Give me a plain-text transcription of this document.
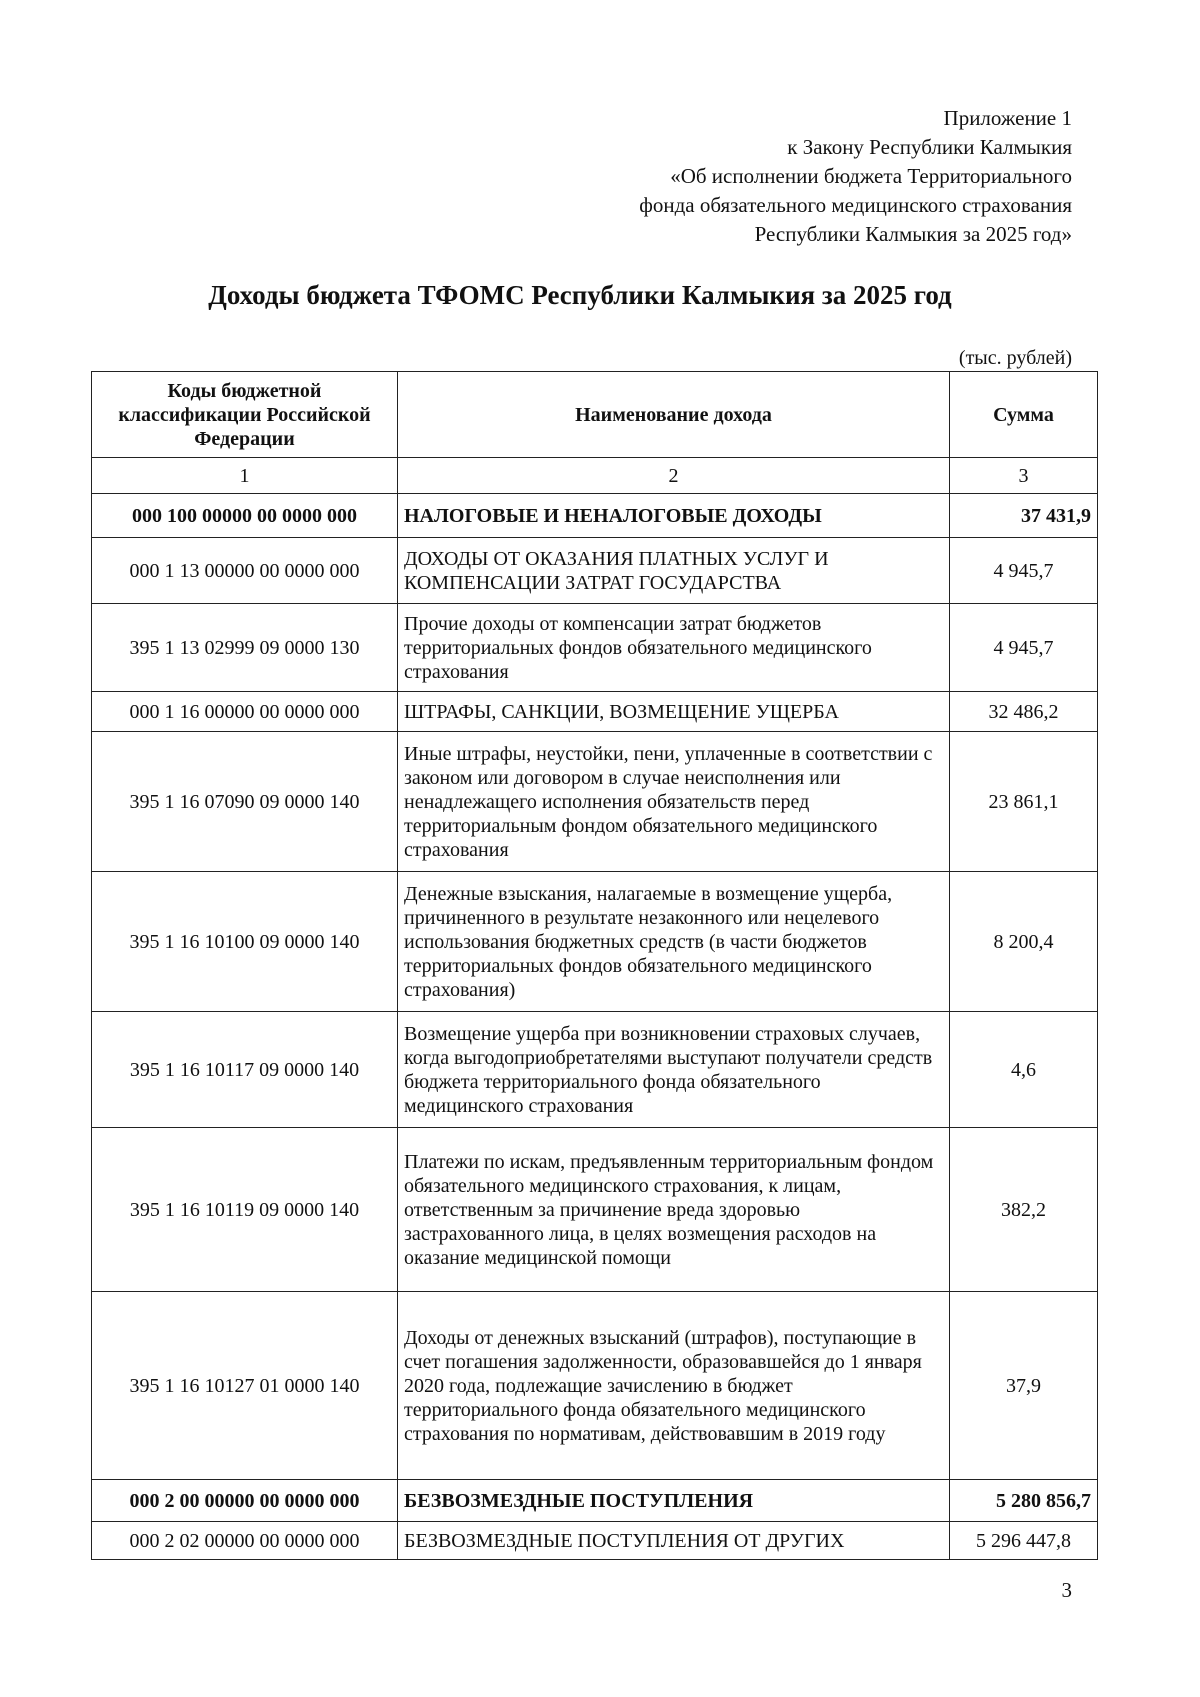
Приложение 1
к Закону Республики Калмыкия
«Об исполнении бюджета Территориального
фонда обязательного медицинского страхования
Республики Калмыкия за 2025 год»
Доходы бюджета ТФОМС Республики Калмыкия за 2025 год
(тыс. рублей)
Коды бюджетной классификации Российской Федерации	Наименование дохода	Сумма
1	2	3
000 100 00000 00 0000 000	НАЛОГОВЫЕ И НЕНАЛОГОВЫЕ ДОХОДЫ	37 431,9
000 1 13 00000 00 0000 000	ДОХОДЫ ОТ ОКАЗАНИЯ ПЛАТНЫХ УСЛУГ И КОМПЕНСАЦИИ ЗАТРАТ ГОСУДАРСТВА	4 945,7
395 1 13 02999 09 0000 130	Прочие доходы от компенсации затрат бюджетов территориальных фондов обязательного медицинского страхования	4 945,7
000 1 16 00000 00 0000 000	ШТРАФЫ, САНКЦИИ, ВОЗМЕЩЕНИЕ УЩЕРБА	32 486,2
395 1 16 07090 09 0000 140	Иные штрафы, неустойки, пени, уплаченные в соответствии с законом или договором в случае неисполнения или ненадлежащего исполнения обязательств перед территориальным фондом обязательного медицинского страхования	23 861,1
395 1 16 10100 09 0000 140	Денежные взыскания, налагаемые в возмещение ущерба, причиненного в результате незаконного или нецелевого использования бюджетных средств (в части бюджетов территориальных фондов обязательного медицинского страхования)	8 200,4
395 1 16 10117 09 0000 140	Возмещение ущерба при возникновении страховых случаев, когда выгодоприобретателями выступают получатели средств бюджета территориального фонда обязательного медицинского страхования	4,6
395 1 16 10119 09 0000 140	Платежи по искам, предъявленным территориальным фондом обязательного медицинского страхования, к лицам, ответственным за причинение вреда здоровью застрахованного лица, в целях возмещения расходов на оказание медицинской помощи	382,2
395 1 16 10127 01 0000 140	Доходы от денежных взысканий (штрафов), поступающие в счет погашения задолженности, образовавшейся до 1 января 2020 года, подлежащие зачислению в бюджет территориального фонда обязательного медицинского страхования по нормативам, действовавшим в 2019 году	37,9
000 2 00 00000 00 0000 000	БЕЗВОЗМЕЗДНЫЕ ПОСТУПЛЕНИЯ	5 280 856,7
000 2 02 00000 00 0000 000	БЕЗВОЗМЕЗДНЫЕ ПОСТУПЛЕНИЯ ОТ ДРУГИХ	5 296 447,8
3
